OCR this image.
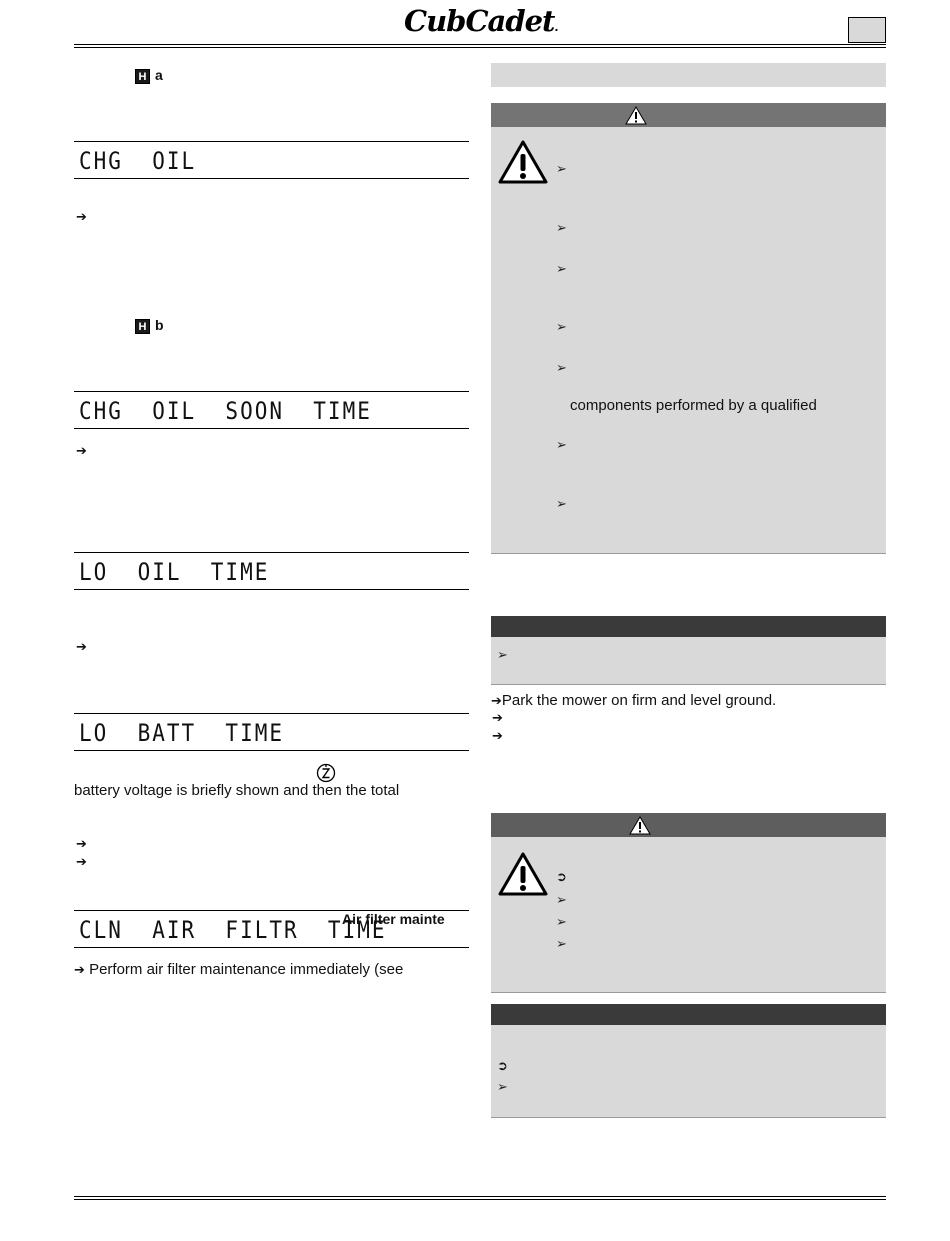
CubCadet.
H a
CHG  OIL
➔
H b
CHG  OIL  SOON  TIME
➔
LO  OIL  TIME
➔
LO  BATT  TIME
battery voltage is briefly shown and then the total
➔
➔
CLN  AIR  FILTR  TIME
Air filter mainte
➔ Perform air filter maintenance immediately (see
➢
➢
➢
➢
➢
components performed by a qualified
➢
➢
➢
➔Park the mower on firm and level ground.
➔
➔
➲
➢
➢
➢
➲
➢
